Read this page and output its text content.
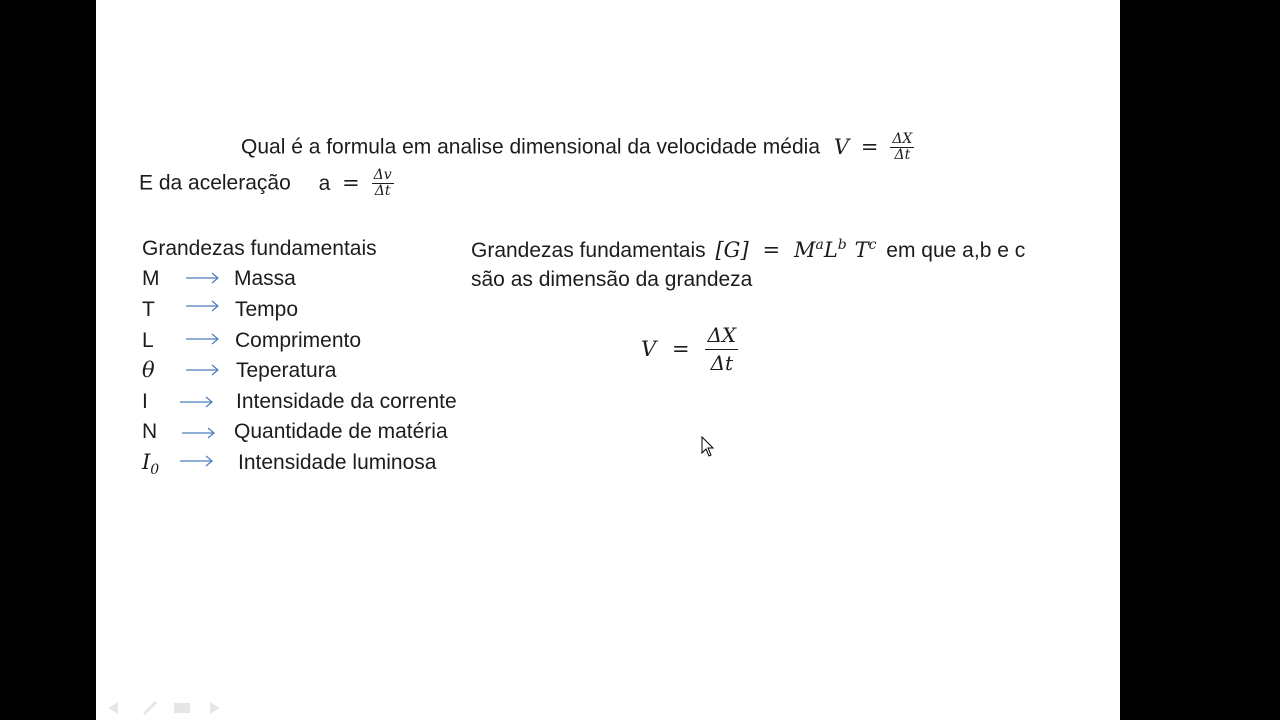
Qual é a formula em analise dimensional da velocidade média $V = \frac{\Delta X}{\Delta t}$
E da aceleração $a = \frac{\Delta v}{\Delta t}$
Grandezas fundamentais
M	Massa
T	Tempo
L	Comprimento
θ	Teperatura
I	Intensidade da corrente
N	Quantidade de matéria
$I_0$	Intensidade luminosa
Grandezas fundamentais $[G] = M^aL^b$ $T^c$ em que a,b e c
são as dimensão da grandeza
$V = \frac{\Delta X}{\Delta t}$
